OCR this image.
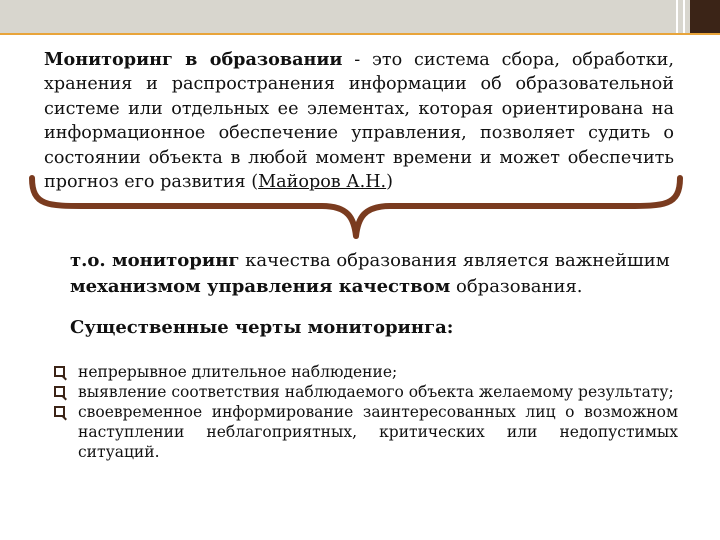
Мониторинг в образовании - это система сбора, обработки, хранения и распространения информации об образовательной системе или отдельных ее элементах, которая ориентирована на информационное обеспечение управления, позволяет судить о состоянии объекта в любой момент времени и может обеспечить прогноз его развития (Майоров А.Н.)

т.о. мониторинг качества образования является важнейшим механизмом управления качеством образования.

Существенные черты мониторинга:

непрерывное длительное наблюдение;
выявление соответствия наблюдаемого объекта желаемому результату;
своевременное информирование заинтересованных лиц о возможном наступлении неблагоприятных, критических или недопустимых ситуаций.
